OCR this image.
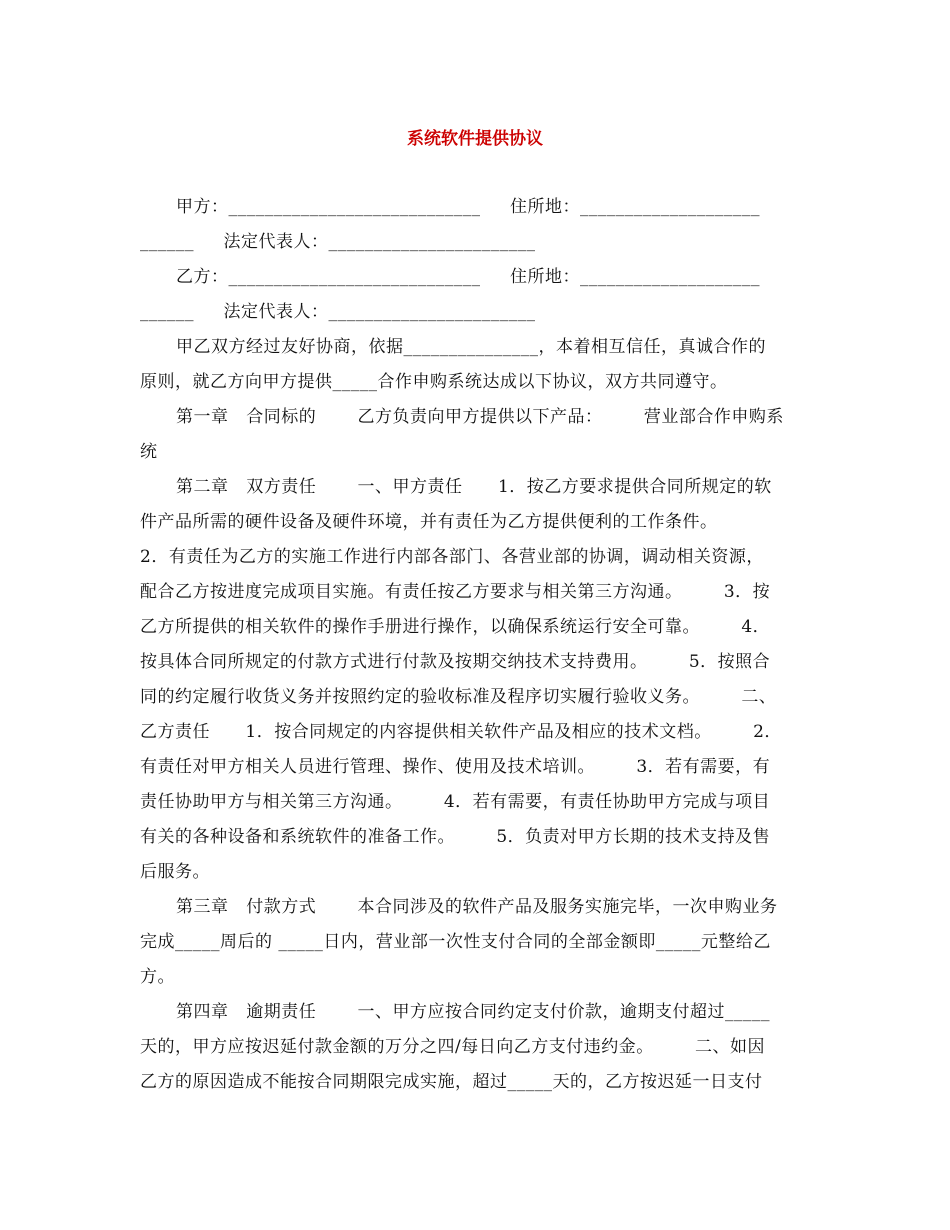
系统软件提供协议
甲方：____________________________     住所地：____________________
______     法定代表人：_______________________
乙方：____________________________     住所地：____________________
______     法定代表人：_______________________
甲乙双方经过友好协商，依据_______________，本着相互信任，真诚合作的
原则，就乙方向甲方提供_____合作申购系统达成以下协议，双方共同遵守。
第一章   合同标的       乙方负责向甲方提供以下产品：       营业部合作申购系
统
第二章   双方责任       一、甲方责任      1．按乙方要求提供合同所规定的软
件产品所需的硬件设备及硬件环境，并有责任为乙方提供便利的工作条件。
2．有责任为乙方的实施工作进行内部各部门、各营业部的协调，调动相关资源，
配合乙方按进度完成项目实施。有责任按乙方要求与相关第三方沟通。       3．按
乙方所提供的相关软件的操作手册进行操作，以确保系统运行安全可靠。       4．
按具体合同所规定的付款方式进行付款及按期交纳技术支持费用。       5．按照合
同的约定履行收货义务并按照约定的验收标准及程序切实履行验收义务。       二、
乙方责任      1．按合同规定的内容提供相关软件产品及相应的技术文档。       2．
有责任对甲方相关人员进行管理、操作、使用及技术培训。       3．若有需要，有
责任协助甲方与相关第三方沟通。       4．若有需要，有责任协助甲方完成与项目
有关的各种设备和系统软件的准备工作。       5．负责对甲方长期的技术支持及售
后服务。
第三章   付款方式       本合同涉及的软件产品及服务实施完毕，一次申购业务
完成_____周后的 _____日内，营业部一次性支付合同的全部金额即_____元整给乙
方。
第四章   逾期责任       一、甲方应按合同约定支付价款，逾期支付超过_____
天的，甲方应按迟延付款金额的万分之四/每日向乙方支付违约金。       二、如因
乙方的原因造成不能按合同期限完成实施，超过_____天的，乙方按迟延一日支付
